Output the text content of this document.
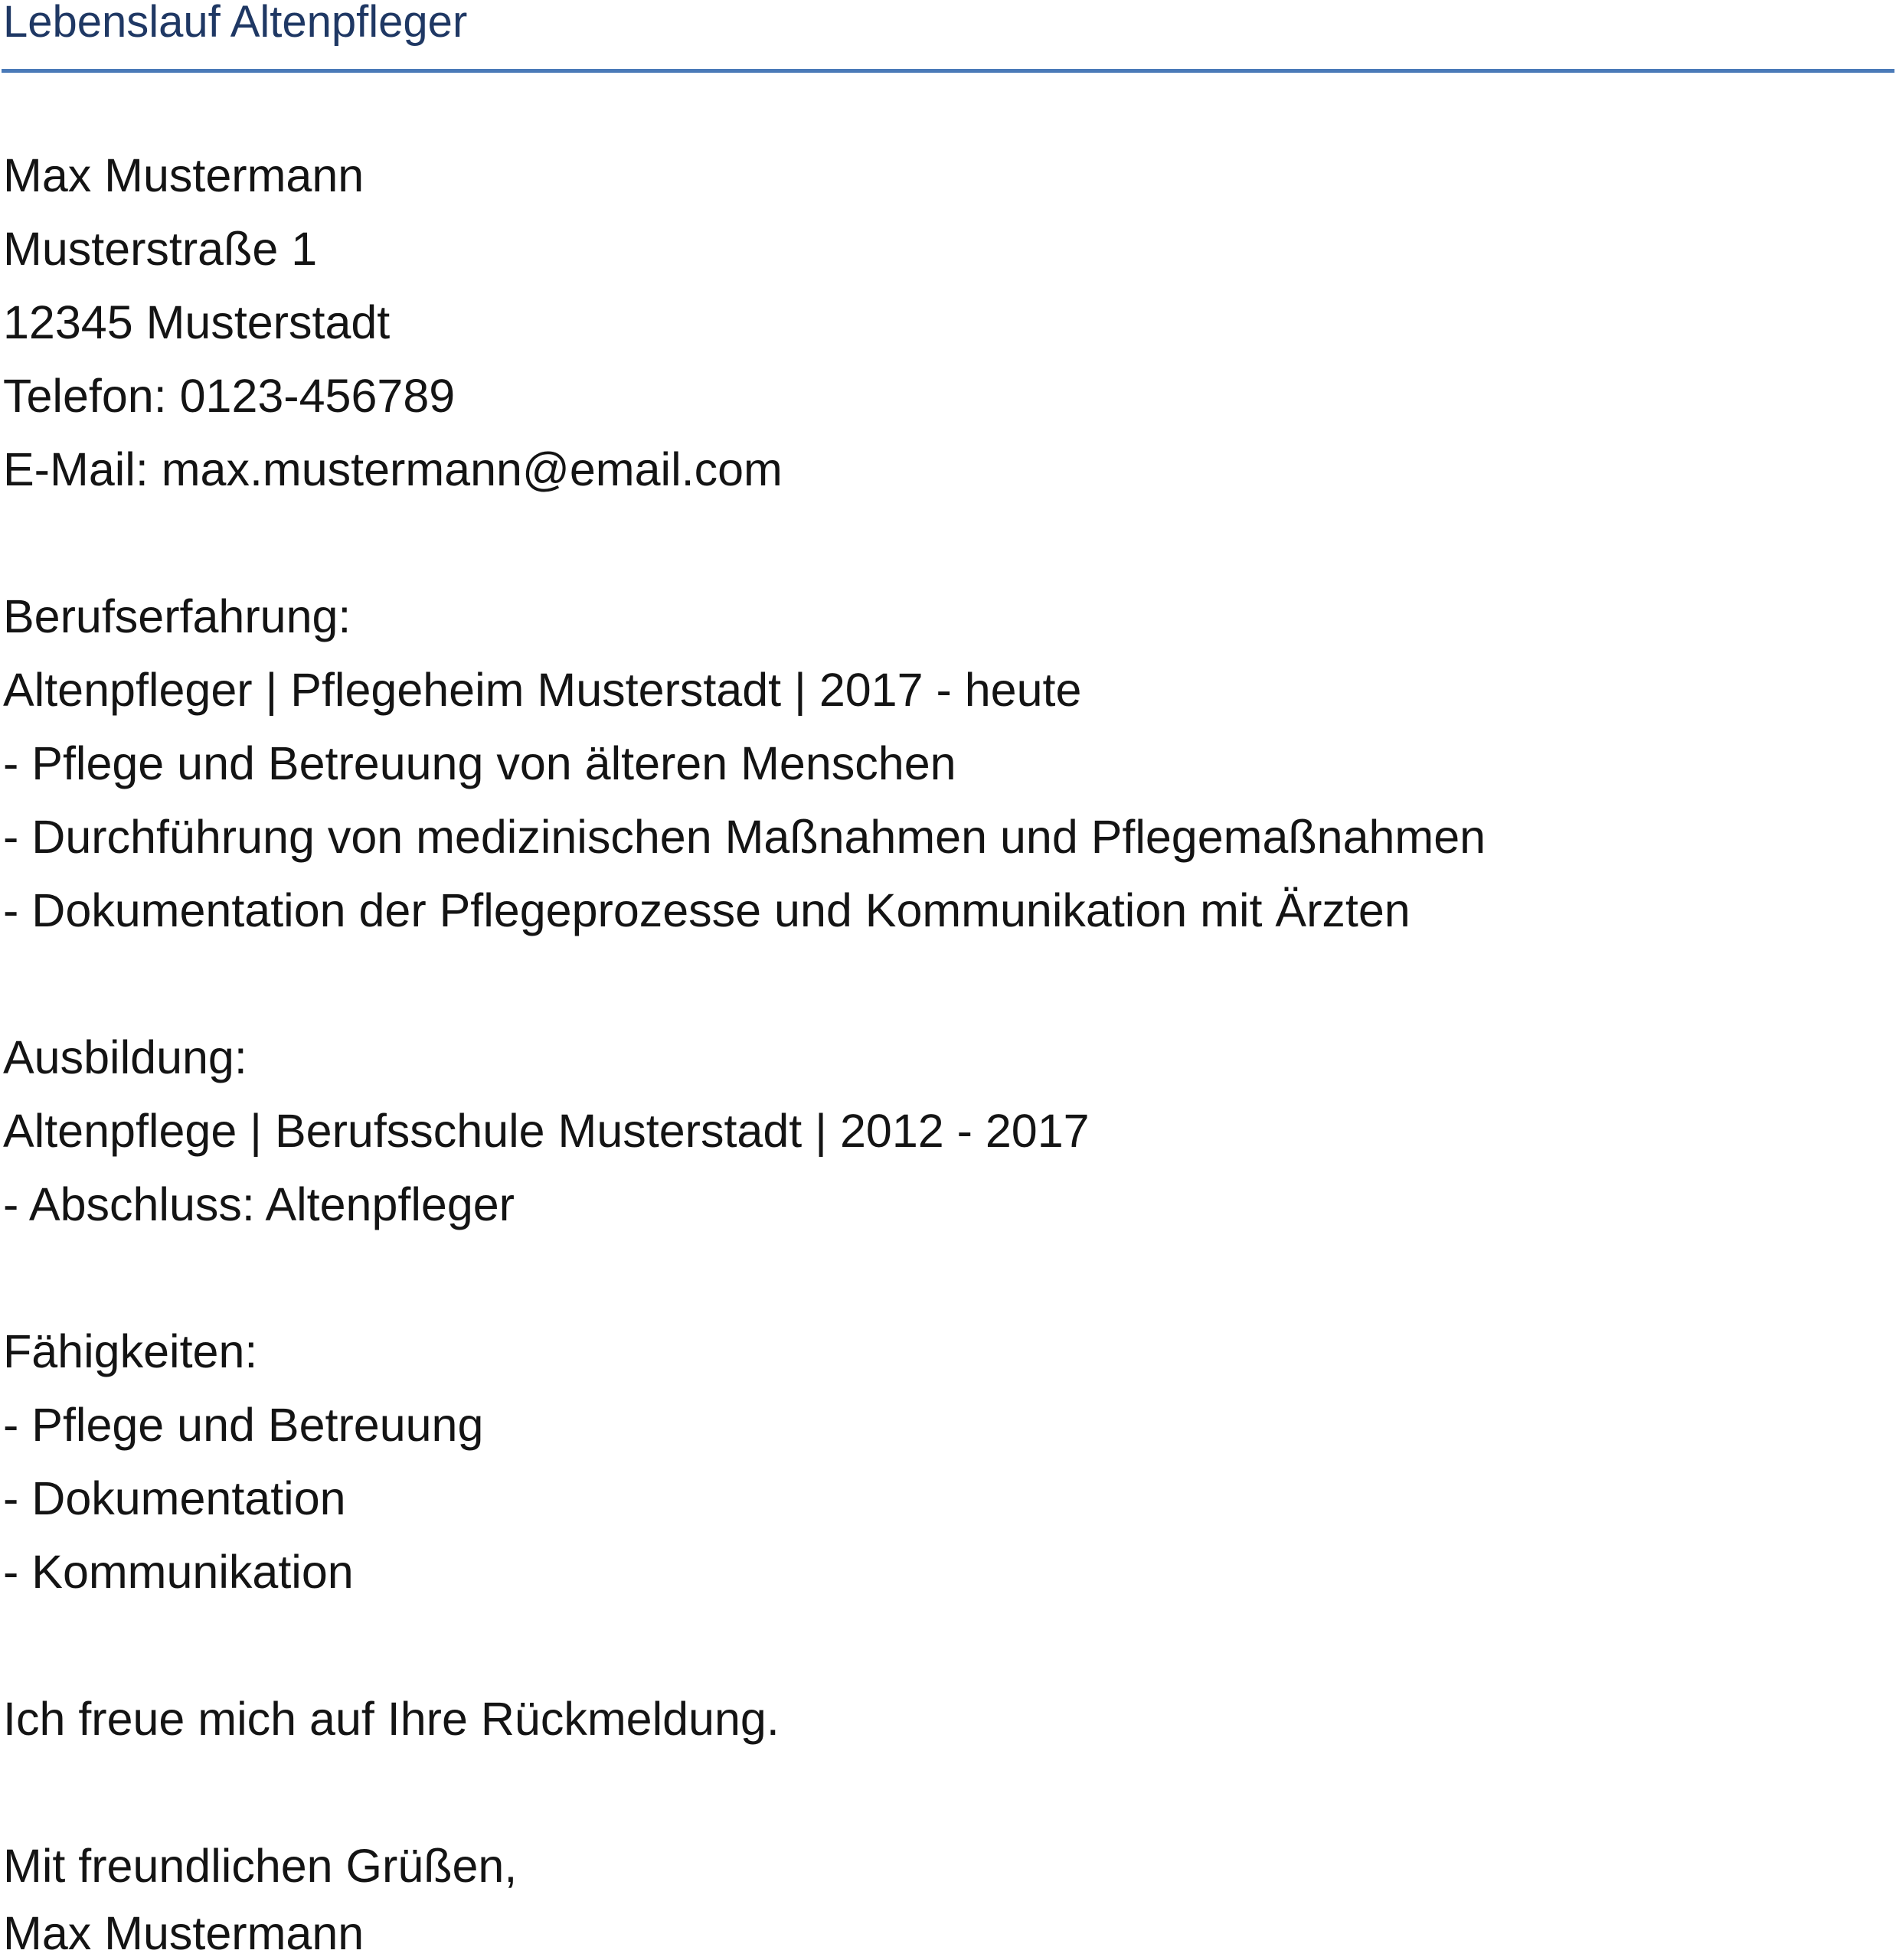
Lebenslauf Altenpfleger
Max Mustermann
Musterstraße 1
12345 Musterstadt
Telefon: 0123-456789
E-Mail: max.mustermann@email.com
Berufserfahrung:
Altenpfleger | Pflegeheim Musterstadt | 2017 - heute
- Pflege und Betreuung von älteren Menschen
- Durchführung von medizinischen Maßnahmen und Pflegemaßnahmen
- Dokumentation der Pflegeprozesse und Kommunikation mit Ärzten
Ausbildung:
Altenpflege | Berufsschule Musterstadt | 2012 - 2017
- Abschluss: Altenpfleger
Fähigkeiten:
- Pflege und Betreuung
- Dokumentation
- Kommunikation
Ich freue mich auf Ihre Rückmeldung.
Mit freundlichen Grüßen,
Max Mustermann
